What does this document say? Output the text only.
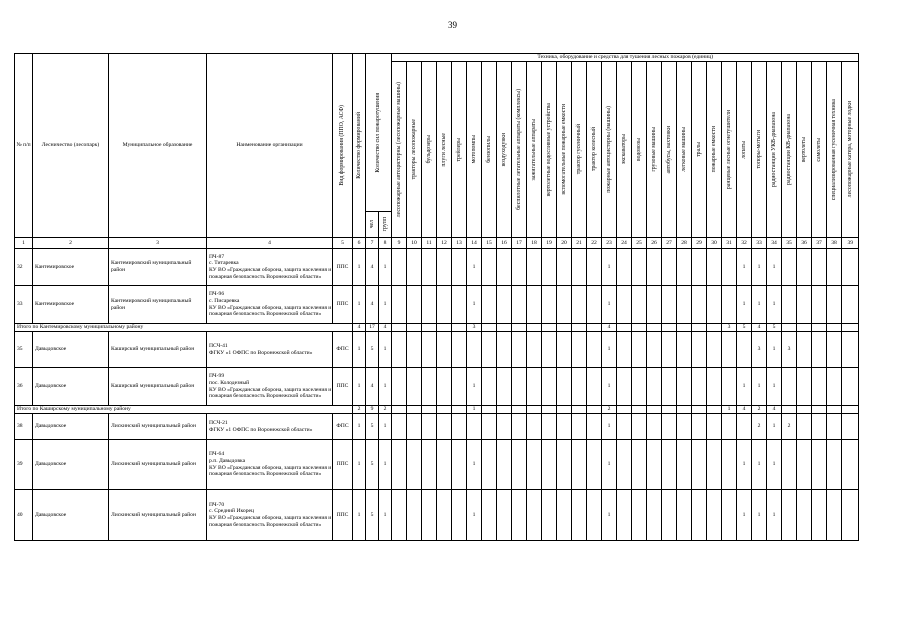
39
№ п/п	Лесничество (лесопарк)	Муниципальное образование	Наименование организации	Вид формирования (ППО, АСФ)	Количество формирований	Количество сил пожаротушения		Техника, оборудование и средства для тушения лесных пожаров (единиц)																															

								лесопожарные автоцистерны (лесопожарные машины)	тракторы лесопожарные	бульдозеры	плуги лесные	трейлеры	мотопомпы	бензопилы	воздуходувки	беспилотные летательные аппараты (комплексы)	зажигательные аппараты	вертолетные водосливные устройства	вспомогательные пожарные емкости	трактор гусеничный	трактор колесный	пожарные автоцистерны (машины)	экскаваторы	водовозы	грузовые машины	автобусы, вахтовки	легковые машины	тралы	пожарные емкости	ранцевые лесные огнетушители	лопаты	топоры-мотыги	радиостанции УКВ-диапазона	радиостанции КВ-диапазона	вертолеты	самолеты	специализированная гусеничная техника	лесопожарные катера, моторные лодки	

						чел	групп																																

1	2	3	4	5	6	7	8	9	10	11	12	13	14	15	16	17	18	19	20	21	22	23	24	25	26	27	28	29	30	31	32	33	34	35	36	37	38	39	
32	Кантемировское	Кантемировский муниципальный район	ПЧ-87
с. Титаревка
КУ ВО «Гражданская оборона, защита населения и пожарная безопасность Воронежской области»	ППС	1	4	1						1									1									1	1	1						
33	Кантемировское	Кантемировский муниципальный район	ПЧ-96
с. Писаревка
КУ ВО «Гражданская оборона, защита населения и пожарная безопасность Воронежской области»	ППС	1	4	1						1									1									1	1	1						
Итого по Кантемировскому муниципальному району					4	17	4						3									4								3	5	4	5						
35	Давыдовское	Каширский муниципальный район	ПСЧ-41
ФГКУ «1 ОФПС по Воронежской области»	ФПС	1	5	1															1										3	1	3					
36	Давыдовское	Каширский муниципальный район	ПЧ-99
пос. Колодезный
КУ ВО «Гражданская оборона, защита населения и пожарная безопасность Воронежской области»	ППС	1	4	1						1									1									1	1	1						
Итого по Каширскому муниципальному району					2	9	2						1									2								1	4	2	4						
38	Давыдовское	Лискинский муниципальный район	ПСЧ-21
ФГКУ «1 ОФПС по Воронежской области»	ФПС	1	5	1															1										2	1	2					
39	Давыдовское	Лискинский муниципальный район	ПЧ-64
р.п. Давыдовка
КУ ВО «Гражданская оборона, защита населения и пожарная безопасность Воронежской области»	ППС	1	5	1						1									1									1	1	1						
40	Давыдовское	Лискинский муниципальный район	ПЧ-70
с. Средний Икорец
КУ ВО «Гражданская оборона, защита населения и пожарная безопасность Воронежской области»	ППС	1	5	1						1									1									1	1	1						
